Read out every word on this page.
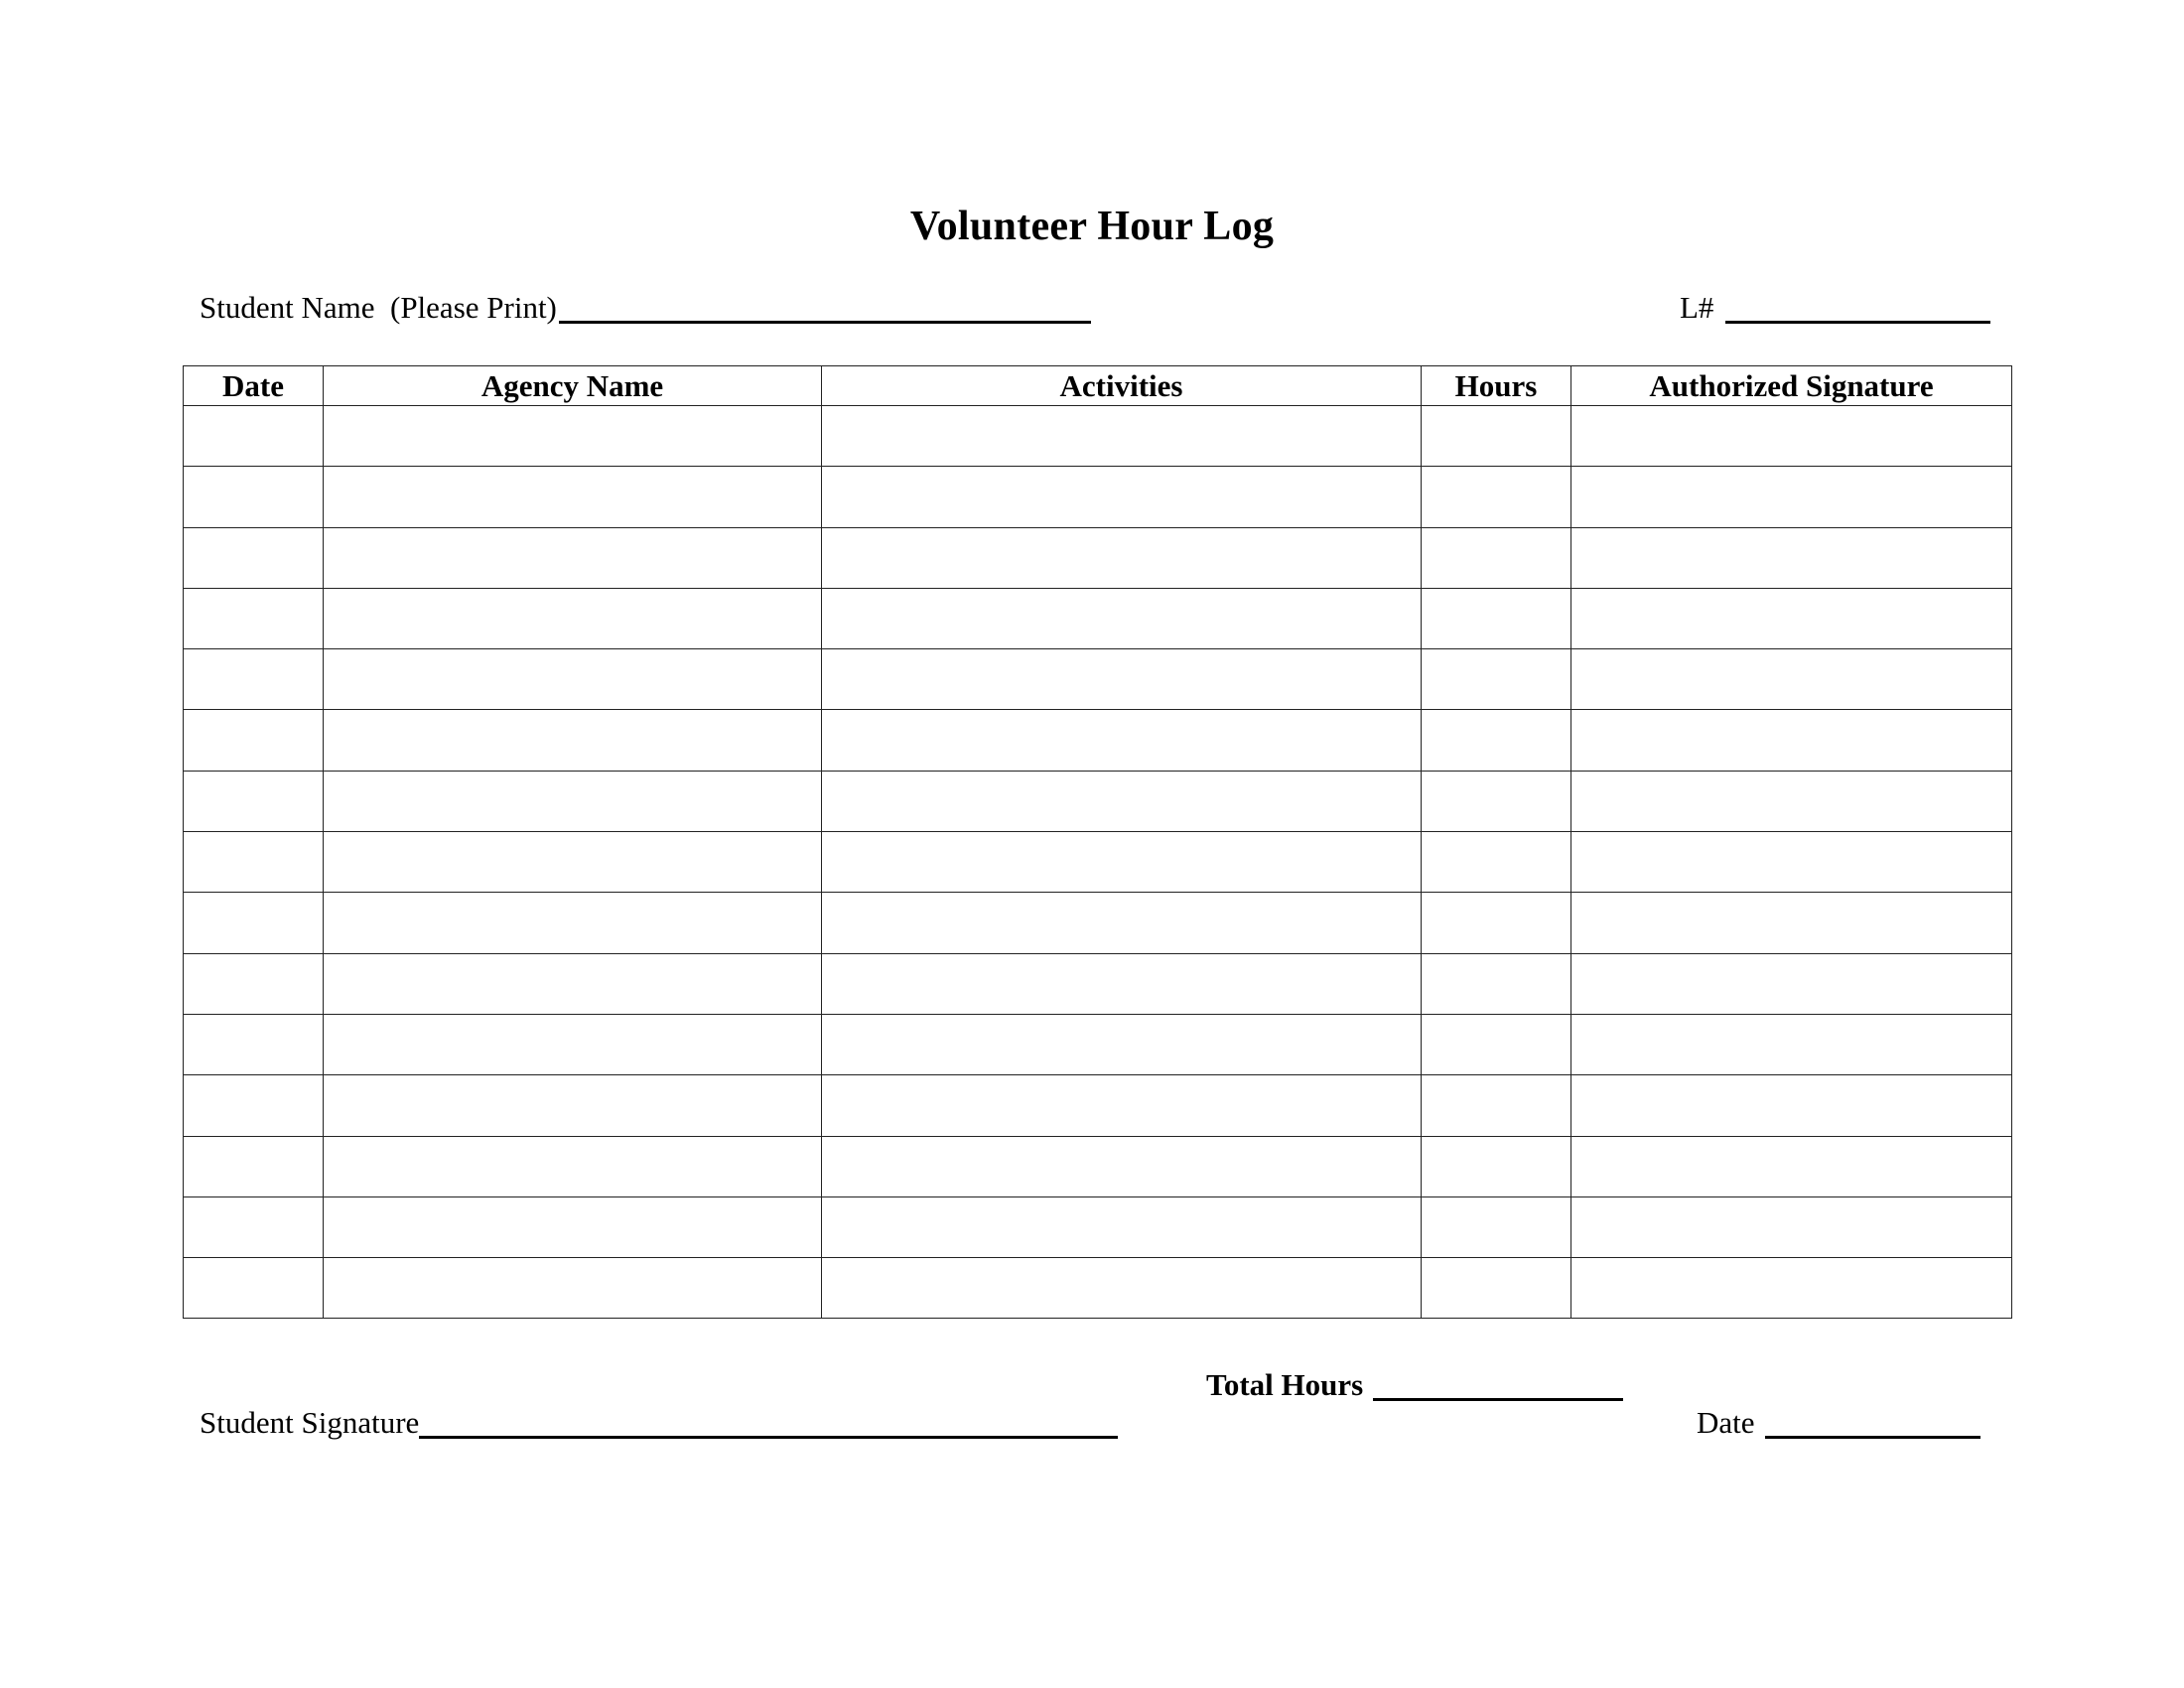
Volunteer Hour Log
Student Name  (Please Print)	L#
Date	Agency Name	Activities	Hours	Authorized Signature

Total Hours
Student Signature	Date
